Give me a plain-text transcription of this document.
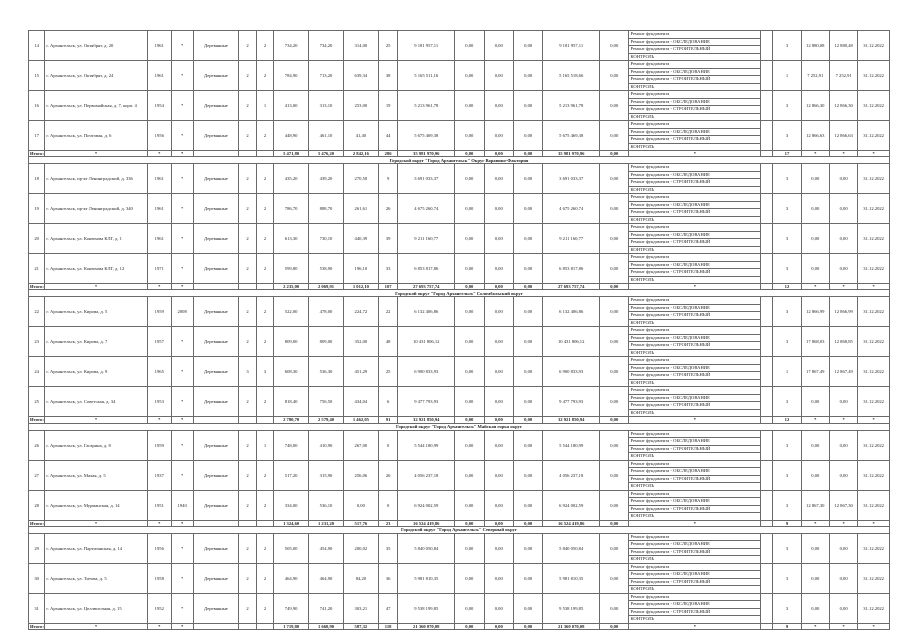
14	г. Архангельск, ул. Октябрят, д. 20	1961	*	Деревянные	2	2	734,20	734,20	314,00	25	9 181 957,11	0,00	0,00	0,00	9 181 957,11	0,00	Ремонт фундамента
Ремонт фундамента - ОБСЛЕДОВАНИЕ
Ремонт фундамента - СТРОИТЕЛЬНЫЙ
КОНТРОЛЬ		3	12 880,08	12 880,48	31.12.2022
15	г. Архангельск, ул. Октябрят, д. 24	1961	*	Деревянные	2	2	784,90	713,20	639,34	38	5 165 511,16	0,00	0,00	0,00	5 165 518,66	0,00	Ремонт фундамента
Ремонт фундамента - ОБСЛЕДОВАНИЕ
Ремонт фундамента - СТРОИТЕЛЬНЫЙ
КОНТРОЛЬ		1	7 252,91	7 252,91	31.12.2022
16	г. Архангельск, ул. Первомайская, д. 7, корп. 4	1954	*	Деревянные	2	1	413,00	313,10	253,00	19	5 213 961,78	0,00	0,00	0,00	5 213 961,78	0,00	Ремонт фундамента
Ремонт фундамента - ОБСЛЕДОВАНИЕ
Ремонт фундамента - СТРОИТЕЛЬНЫЙ
КОНТРОЛЬ		3	12 866,30	12 866,30	31.12.2022
17	г. Архангельск, ул. Почтовая, д. 6	1956	*	Деревянные	2	2	448,90	461,10	41,40	44	5 675 469,38	0,00	0,00	0,00	5 675 469,38	0,00	Ремонт фундамента
Ремонт фундамента - ОБСЛЕДОВАНИЕ
Ремонт фундамента - СТРОИТЕЛЬНЫЙ
КОНТРОЛЬ		3	12 866,63	12 866,63	31.12.2022
Итого:	*	*	*				5 471,80	5 476,20	2 842,16	286	35 981 970,96	0,00	0,00	0,00	35 981 970,96	0,00	*		17	*	*	*
Городской округ "Город Архангельск" Округ Варавино-Фактория																						
18	г. Архангельск, пр-кт Ленинградский, д. 336	1961	*	Деревянные	2	2	435,20	439,20	270,50	9	3 691 033,37	0,00	0,00	0,00	3 691 033,37	0,00	Ремонт фундамента
Ремонт фундамента - ОБСЛЕДОВАНИЕ
Ремонт фундамента - СТРОИТЕЛЬНЫЙ
КОНТРОЛЬ		3	0,00	0,00	31.12.2022
19	г. Архангельск, пр-кт Ленинградский, д. 340	1961	*	Деревянные	2	2	786,70	888,70	261,61	26	4 675 260,74	0,00	0,00	0,00	4 675 260,74	0,00	Ремонт фундамента
Ремонт фундамента - ОБСЛЕДОВАНИЕ
Ремонт фундамента - СТРОИТЕЛЬНЫЙ
КОНТРОЛЬ		3	0,00	0,00	31.12.2022
20	г. Архангельск, ул. Конюхова КЛГ, д. 1	1961	*	Деревянные	2	2	613,30	730,10	440,39	39	9 211 160,77	0,00	0,00	0,00	9 211 160,77	0,00	Ремонт фундамента
Ремонт фундамента - ОБСЛЕДОВАНИЕ
Ремонт фундамента - СТРОИТЕЛЬНЫЙ
КОНТРОЛЬ		3	0,00	0,00	31.12.2022
21	г. Архангельск, ул. Конюхова КЛГ, д. 12	1971	*	Деревянные	2	2	599,80	538,90	196,10	33	6 853 817,86	0,00	0,00	0,00	6 853 817,86	0,00	Ремонт фундамента
Ремонт фундамента - ОБСЛЕДОВАНИЕ
Ремонт фундамента - СТРОИТЕЛЬНЫЙ
КОНТРОЛЬ		3	0,00	0,00	31.12.2022
Итого:	*	*	*				2 235,00	2 069,91	1 012,10	107	27 693 757,74	0,00	0,00	0,00	27 693 757,74	0,00	*		12	*	*	*
Городской округ "Город Архангельск" Соломбальский округ																						
22	г. Архангельск, ул. Кирова, д. 5	1959	2008	Деревянные	2	2	522,00	478,00	224,72	22	6 132 406,86	0,00	0,00	0,00	6 132 406,86	0,00	Ремонт фундамента
Ремонт фундамента - ОБСЛЕДОВАНИЕ
Ремонт фундамента - СТРОИТЕЛЬНЫЙ
КОНТРОЛЬ		3	12 866,99	12 866,99	31.12.2022
23	г. Архангельск, ул. Кирова, д. 7	1957	*	Деревянные	2	2	809,00	809,00	352,00	48	10 431 806,12	0,00	0,00	0,00	10 431 806,12	0,00	Ремонт фундамента
Ремонт фундамента - ОБСЛЕДОВАНИЕ
Ремонт фундамента - СТРОИТЕЛЬНЫЙ
КОНТРОЛЬ		3	17 868,03	12 868,85	31.12.2022
24	г. Архангельск, ул. Кирова, д. 9	1965	*	Деревянные	3	3	608,30	536,30	451,29	25	6 900 833,93	0,00	0,00	0,00	6 900 833,93	0,00	Ремонт фундамента
Ремонт фундамента - ОБСЛЕДОВАНИЕ
Ремонт фундамента - СТРОИТЕЛЬНЫЙ
КОНТРОЛЬ		1	17 867,49	12 867,49	31.12.2022
25	г. Архангельск, ул. Советская, д. 34	1953	*	Деревянные	2	2	818,40	756,50	434,04	6	9 477 793,93	0,00	0,00	0,00	9 477 793,93	0,00	Ремонт фундамента
Ремонт фундамента - ОБСЛЕДОВАНИЕ
Ремонт фундамента - СТРОИТЕЛЬНЫЙ
КОНТРОЛЬ		3	0,00	0,00	31.12.2022
Итого:	*	*	*				2 780,70	2 579,40	1 462,05	91	32 921 850,94	0,00	0,00	0,00	32 921 850,94	0,00	*		12	*	*	*
Городской округ "Город Архангельск" Майская горка округ																						
26	г. Архангельск, ул. Гагарина, д. 8	1959	*	Деревянные	2	1	748,00	410,90	267,00	0	5 544 180,99	0,00	0,00	0,00	5 544 180,99	0,00	Ремонт фундамента
Ремонт фундамента - ОБСЛЕДОВАНИЕ
Ремонт фундамента - СТРОИТЕЛЬНЫЙ
КОНТРОЛЬ		3	0,00	0,00	31.12.2022
27	г. Архангельск, ул. Малая, д. 5	1937	*	Деревянные	2	2	517,20	315,90	256,06	26	4 056 237,18	0,00	0,00	0,00	4 056 237,18	0,00	Ремонт фундамента
Ремонт фундамента - ОБСЛЕДОВАНИЕ
Ремонт фундамента - СТРОИТЕЛЬНЫЙ
КОНТРОЛЬ		3	0,00	0,00	31.12.2022
28	г. Архангельск, ул. Мурманская, д. 14	1951	1940	Деревянные	2	2	334,00	536,10	0,00	0	6 924 002,59	0,00	0,00	0,00	6 924 002,59	0,00	Ремонт фундамента
Ремонт фундамента - ОБСЛЕДОВАНИЕ
Ремонт фундамента - СТРОИТЕЛЬНЫЙ
КОНТРОЛЬ		3	12 867,30	12 867,30	31.12.2022
Итого:	*	*	*				1 324,60	1 231,20	517,76	23	16 524 419,86	0,00	0,00	0,00	16 524 419,86	0,00	*		9	*	*	*
Городской округ "Город Архангельск" Северный округ																						
29	г. Архангельск, ул. Партизанская, д. 14	1956	*	Деревянные	2	2	505,00	454,90	200,02	35	5 840 050,84	0,00	0,00	0,00	5 840 050,84	0,00	Ремонт фундамента
Ремонт фундамента - ОБСЛЕДОВАНИЕ
Ремонт фундамента - СТРОИТЕЛЬНЫЙ
КОНТРОЛЬ		3	0,00	0,00	31.12.2022
30	г. Архангельск, ул. Титова, д. 5	1958	*	Деревянные	2	2	464,90	464,90	84,20	36	5 981 810,35	0,00	0,00	0,00	5 981 810,35	0,00	Ремонт фундамента
Ремонт фундамента - ОБСЛЕДОВАНИЕ
Ремонт фундамента - СТРОИТЕЛЬНЫЙ
КОНТРОЛЬ		3	0,00	0,00	31.12.2022
31	г. Архангельск, ул. Целлюлозная, д. 15	1952	*	Деревянные	2	2	749,90	741,20	303,21	47	9 538 199,85	0,00	0,00	0,00	9 538 199,85	0,00	Ремонт фундамента
Ремонт фундамента - ОБСЛЕДОВАНИЕ
Ремонт фундамента - СТРОИТЕЛЬНЫЙ
КОНТРОЛЬ		3	0,00	0,00	31.12.2022
Итого:	*	*	*				1 719,80	1 660,90	587,32	118	21 360 070,08	0,00	0,00	0,00	21 360 070,08	0,00	*		9	*	*	*
